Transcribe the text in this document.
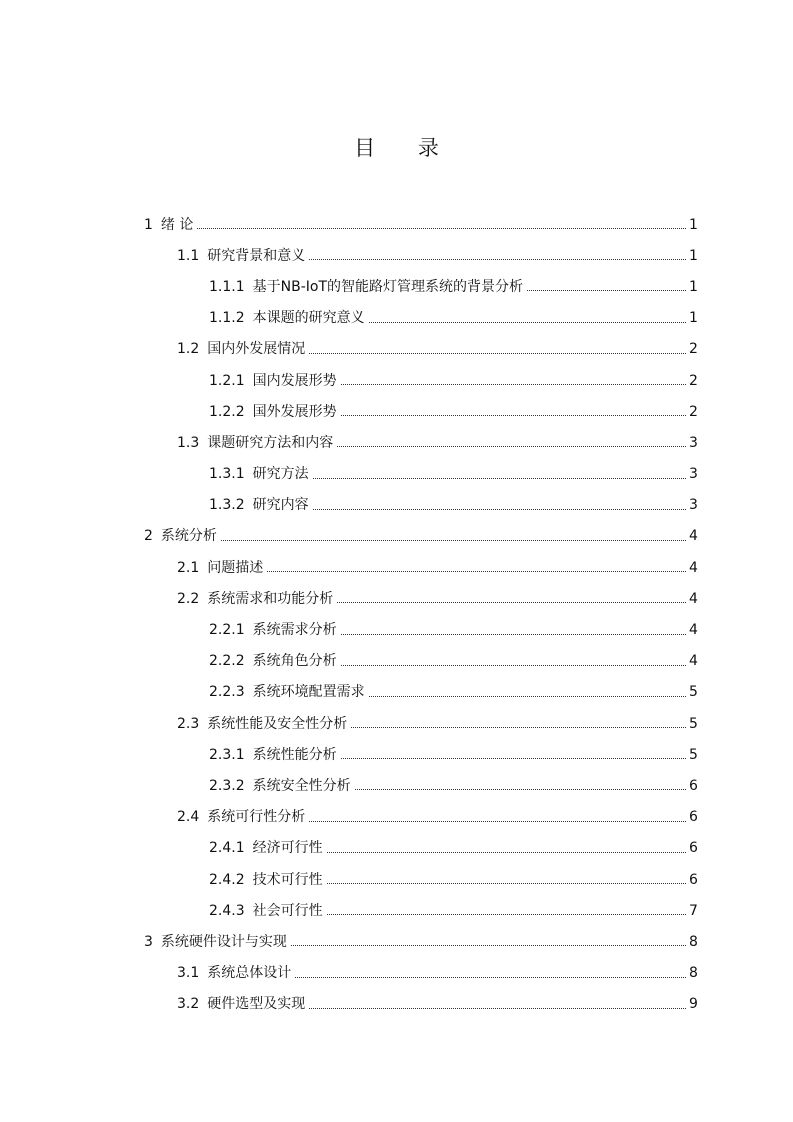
目 录
1 绪 论	1
1.1 研究背景和意义	1
1.1.1 基于NB-IoT的智能路灯管理系统的背景分析	1
1.1.2 本课题的研究意义	1
1.2 国内外发展情况	2
1.2.1 国内发展形势	2
1.2.2 国外发展形势	2
1.3 课题研究方法和内容	3
1.3.1 研究方法	3
1.3.2 研究内容	3
2 系统分析	4
2.1 问题描述	4
2.2 系统需求和功能分析	4
2.2.1 系统需求分析	4
2.2.2 系统角色分析	4
2.2.3 系统环境配置需求	5
2.3 系统性能及安全性分析	5
2.3.1 系统性能分析	5
2.3.2 系统安全性分析	6
2.4 系统可行性分析	6
2.4.1 经济可行性	6
2.4.2 技术可行性	6
2.4.3 社会可行性	7
3 系统硬件设计与实现	8
3.1 系统总体设计	8
3.2 硬件选型及实现	9
